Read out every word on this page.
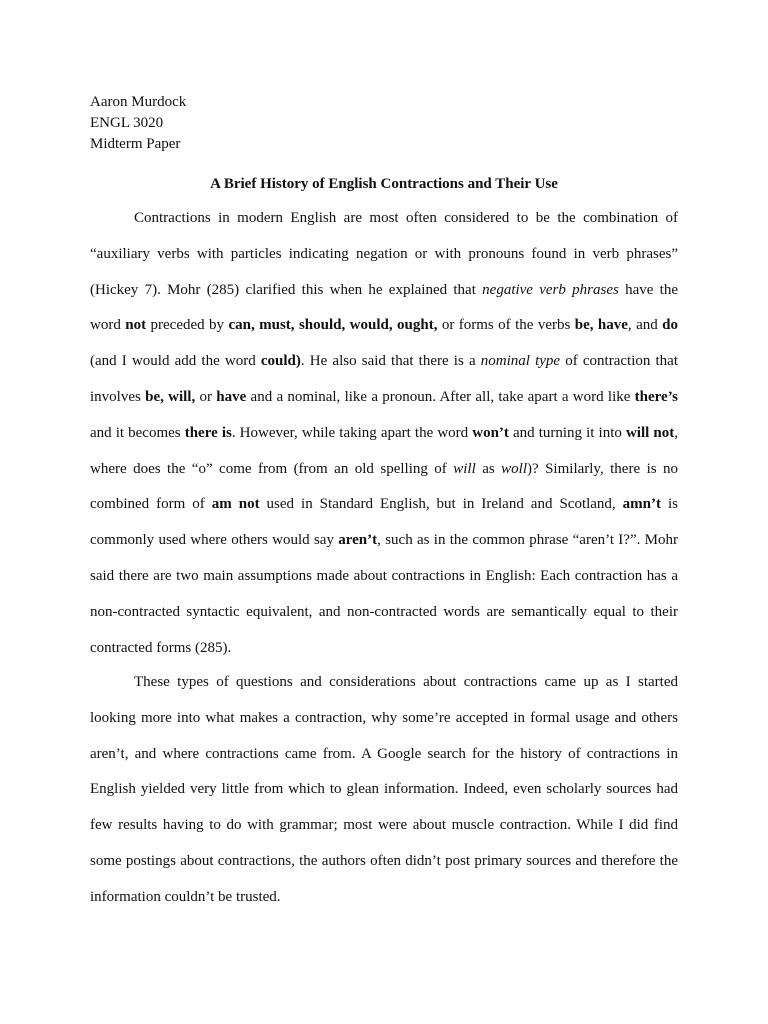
Aaron Murdock
ENGL 3020
Midterm Paper
A Brief History of English Contractions and Their Use
Contractions in modern English are most often considered to be the combination of
“auxiliary verbs with particles indicating negation or with pronouns found in verb phrases”
(Hickey 7). Mohr (285) clarified this when he explained that negative verb phrases have the
word not preceded by can, must, should, would, ought, or forms of the verbs be, have, and do
(and I would add the word could). He also said that there is a nominal type of contraction that
involves be, will, or have and a nominal, like a pronoun. After all, take apart a word like there’s
and it becomes there is. However, while taking apart the word won’t and turning it into will not,
where does the “o” come from (from an old spelling of will as woll)? Similarly, there is no
combined form of am not used in Standard English, but in Ireland and Scotland, amn’t is
commonly used where others would say aren’t, such as in the common phrase “aren’t I?”. Mohr
said there are two main assumptions made about contractions in English: Each contraction has a
non-contracted syntactic equivalent, and non-contracted words are semantically equal to their
contracted forms (285).
These types of questions and considerations about contractions came up as I started
looking more into what makes a contraction, why some’re accepted in formal usage and others
aren’t, and where contractions came from. A Google search for the history of contractions in
English yielded very little from which to glean information. Indeed, even scholarly sources had
few results having to do with grammar; most were about muscle contraction. While I did find
some postings about contractions, the authors often didn’t post primary sources and therefore the
information couldn’t be trusted.
